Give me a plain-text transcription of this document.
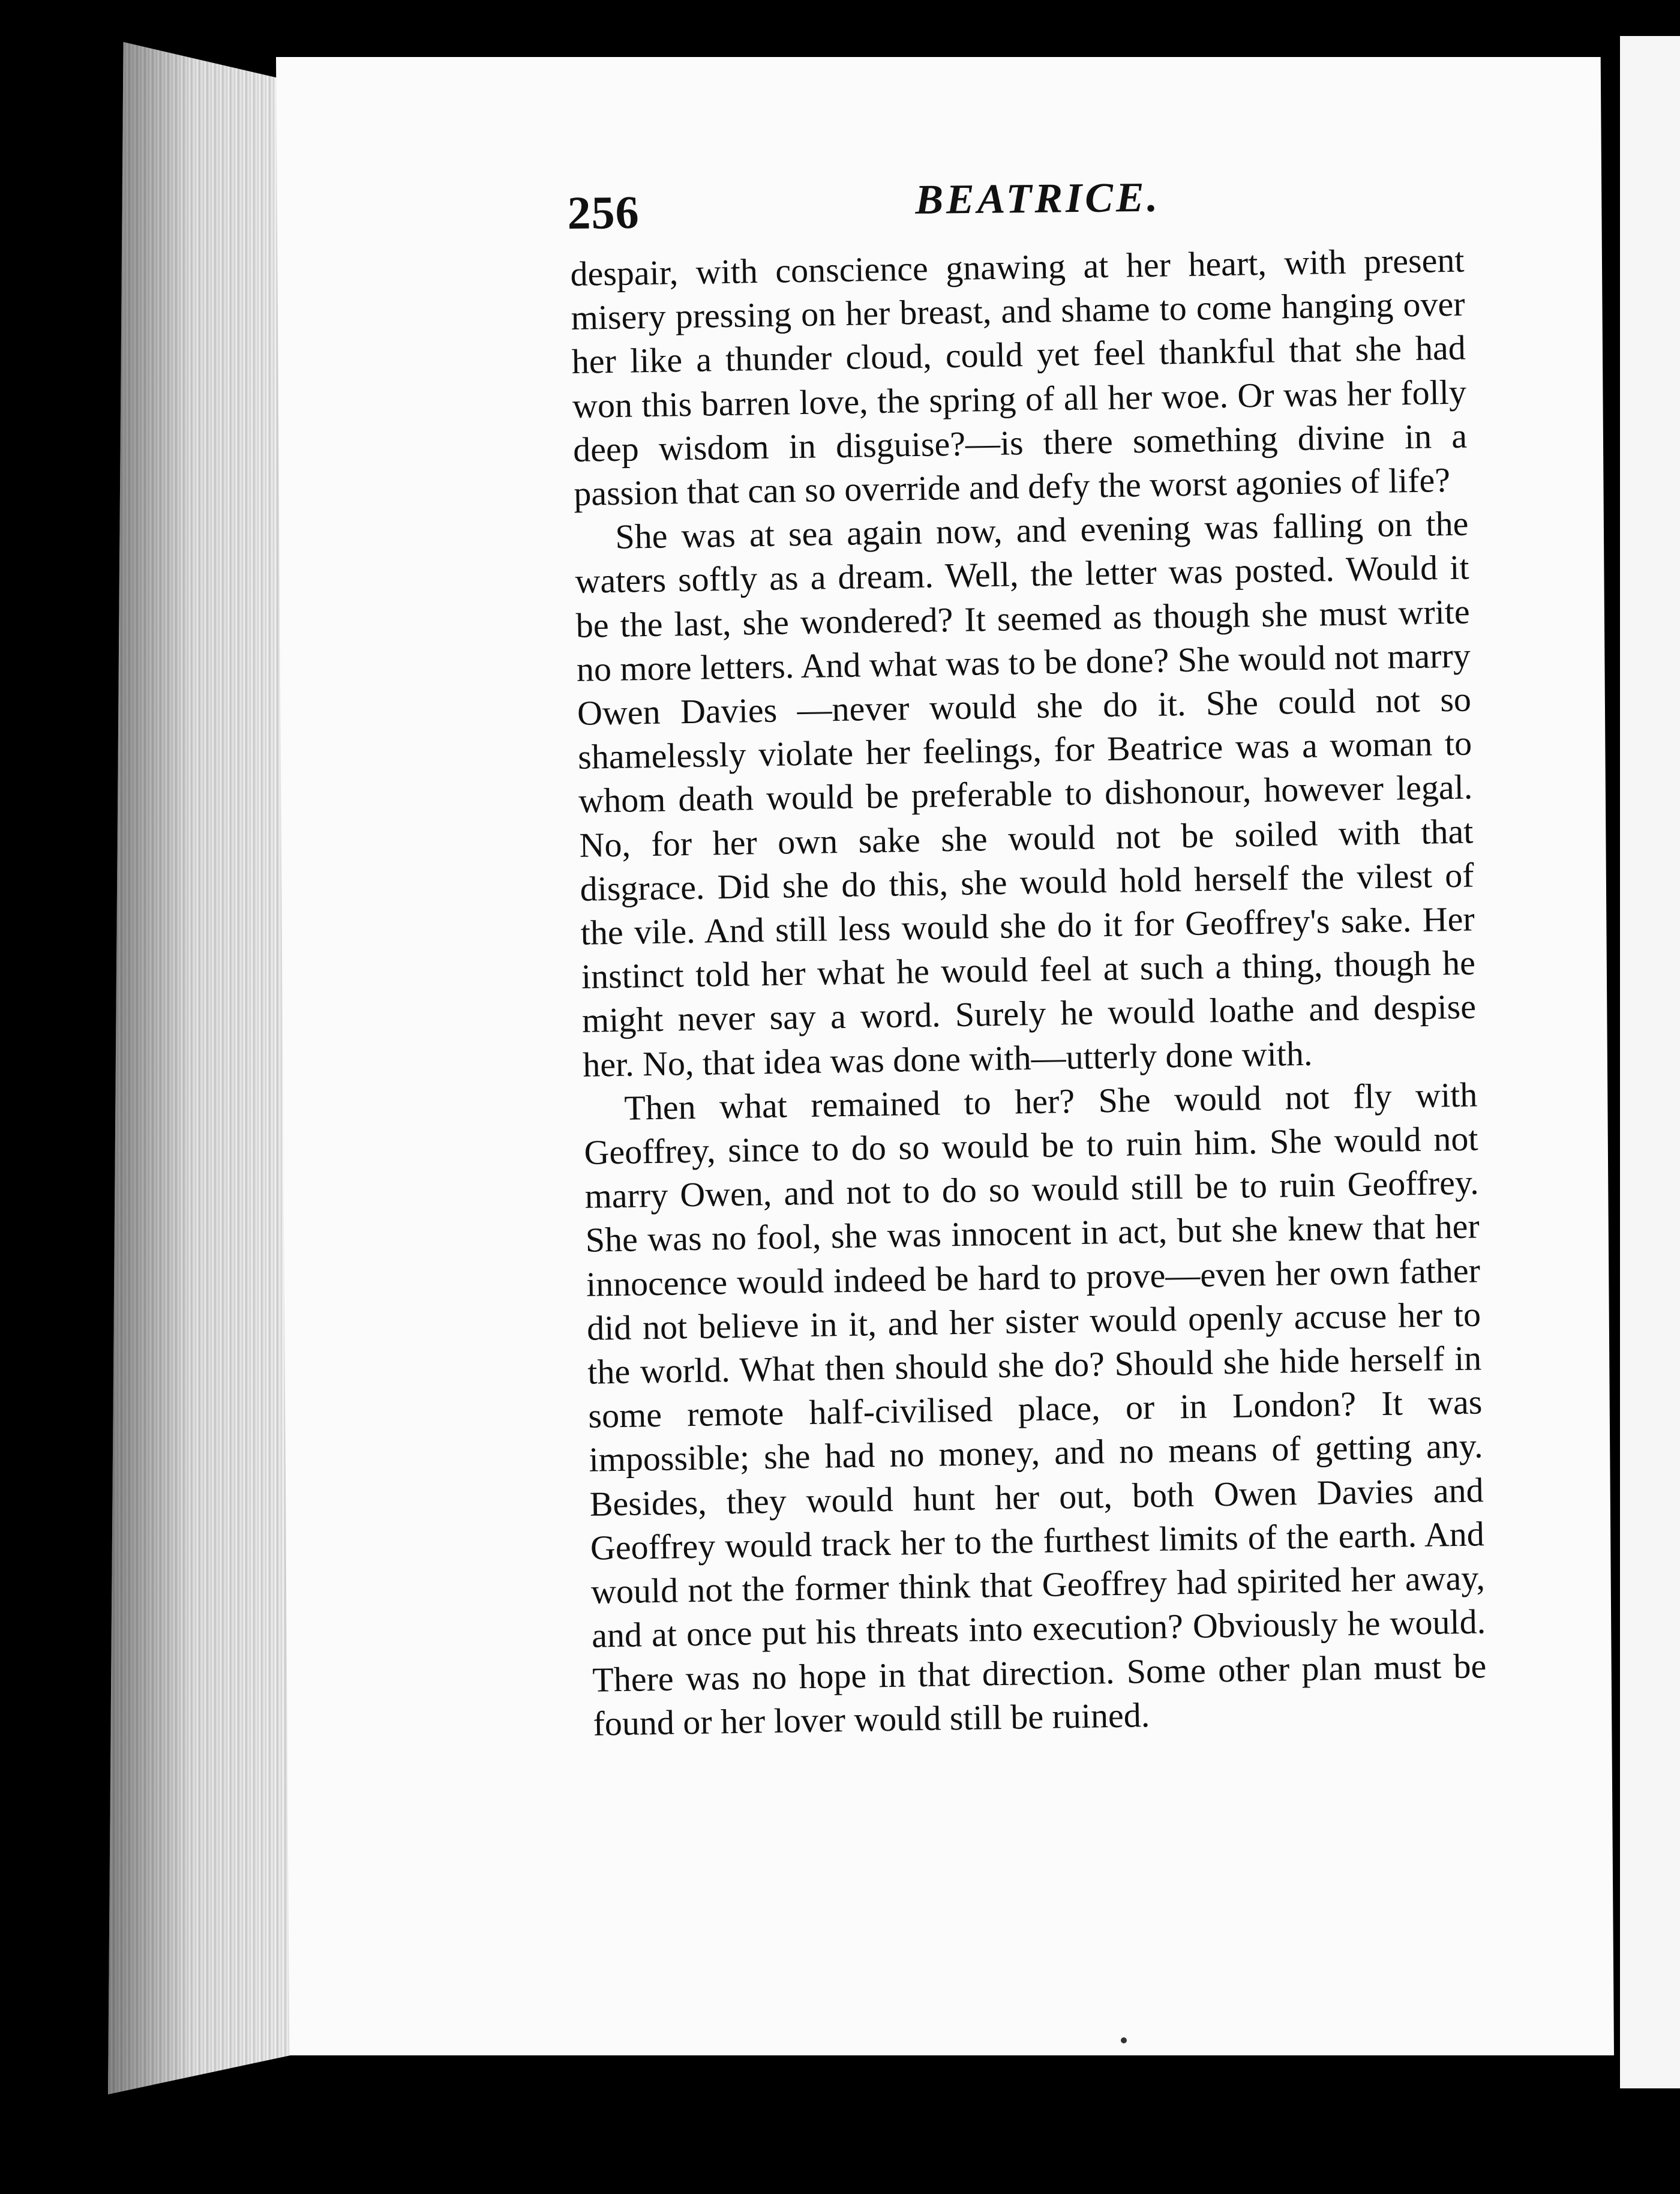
256	BEATRICE.

despair, with conscience gnawing at her heart, with present misery pressing on her breast, and shame to come hanging over her like a thunder cloud, could yet feel thankful that she had won this barren love, the spring of all her woe. Or was her folly deep wisdom in disguise?—is there something divine in a passion that can so override and defy the worst agonies of life?

She was at sea again now, and evening was falling on the waters softly as a dream. Well, the letter was posted. Would it be the last, she wondered? It seemed as though she must write no more letters. And what was to be done? She would not marry Owen Davies —never would she do it. She could not so shamelessly violate her feelings, for Beatrice was a woman to whom death would be preferable to dishonour, however legal. No, for her own sake she would not be soiled with that disgrace. Did she do this, she would hold herself the vilest of the vile. And still less would she do it for Geoffrey's sake. Her instinct told her what he would feel at such a thing, though he might never say a word. Surely he would loathe and despise her. No, that idea was done with—utterly done with.

Then what remained to her? She would not fly with Geoffrey, since to do so would be to ruin him. She would not marry Owen, and not to do so would still be to ruin Geoffrey. She was no fool, she was innocent in act, but she knew that her innocence would indeed be hard to prove—even her own father did not believe in it, and her sister would openly accuse her to the world. What then should she do? Should she hide herself in some remote half-civilised place, or in London? It was impossible; she had no money, and no means of getting any. Besides, they would hunt her out, both Owen Davies and Geoffrey would track her to the furthest limits of the earth. And would not the former think that Geoffrey had spirited her away, and at once put his threats into execution? Obviously he would. There was no hope in that direction. Some other plan must be found or her lover would still be ruined.
